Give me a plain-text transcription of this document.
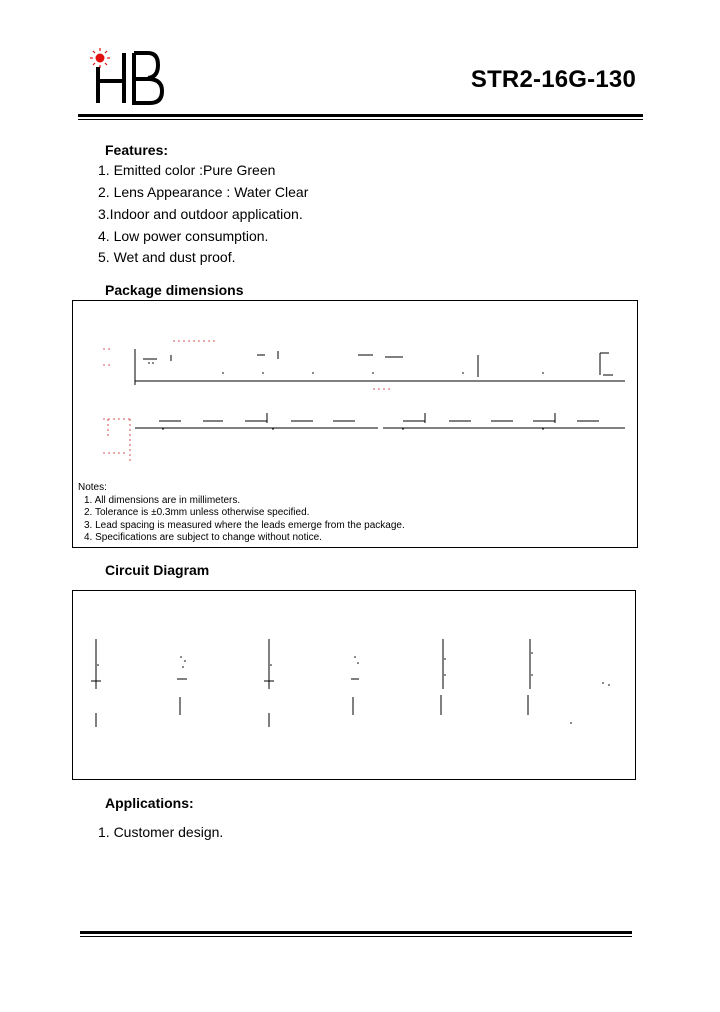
STR2-16G-130
Features:
1. Emitted color :Pure Green
2. Lens Appearance : Water Clear
3.Indoor and outdoor application.
4. Low power consumption.
5. Wet and dust proof.
Package dimensions
Notes:
1. All dimensions are in millimeters.
2. Tolerance is ±0.3mm unless otherwise specified.
3. Lead spacing is measured where the leads emerge from the package.
4. Specifications are subject to change without notice.
Circuit Diagram
Applications:
1. Customer design.
